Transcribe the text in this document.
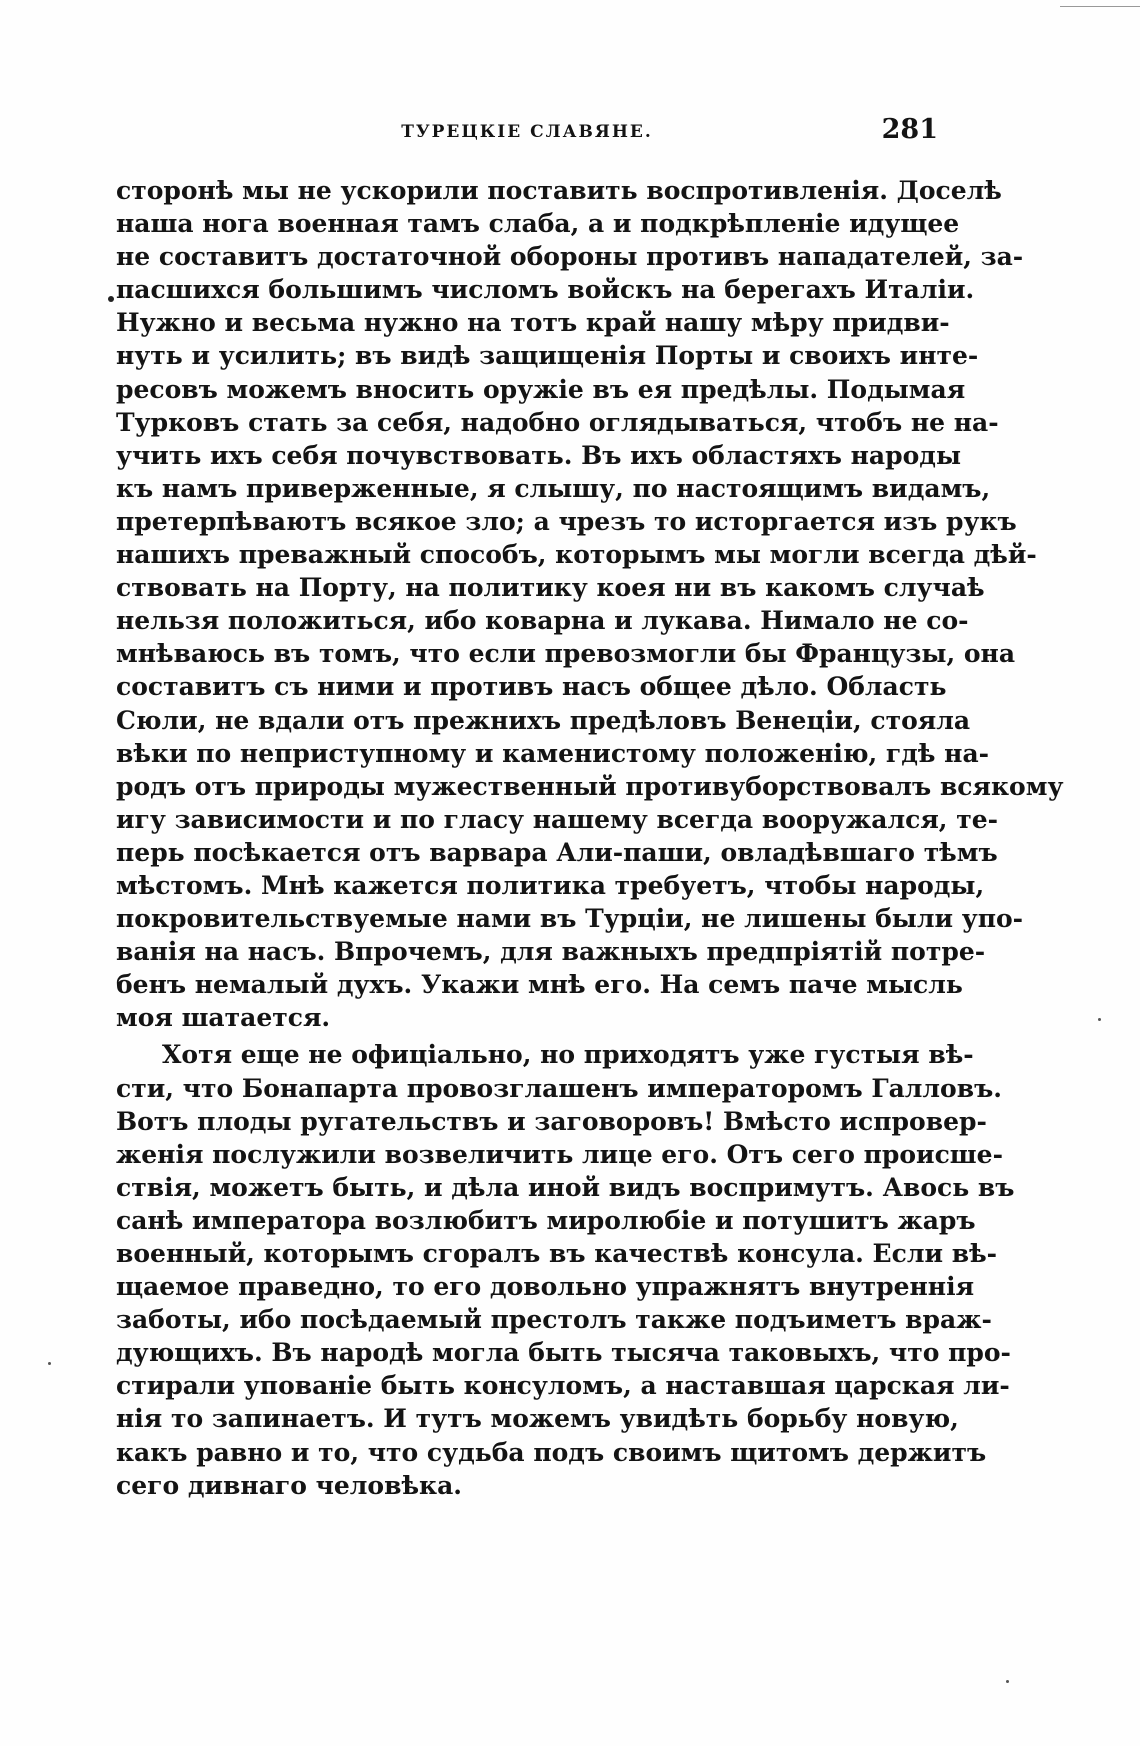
ТУРЕЦКІЕ СЛАВЯНЕ.	281
сторонѣ мы не ускорили поставить воспротивленія. Доселѣ
наша нога военная тамъ слаба, а и подкрѣпленіе идущее
не составитъ достаточной обороны противъ нападателей, за-
пасшихся большимъ числомъ войскъ на берегахъ Италіи.
Нужно и весьма нужно на тотъ край нашу мѣру придви-
нуть и усилить; въ видѣ защищенія Порты и своихъ инте-
ресовъ можемъ вносить оружіе въ ея предѣлы. Подымая
Турковъ стать за себя, надобно оглядываться, чтобъ не на-
учить ихъ себя почувствовать. Въ ихъ областяхъ народы
къ намъ приверженные, я слышу, по настоящимъ видамъ,
претерпѣваютъ всякое зло; а чрезъ то исторгается изъ рукъ
нашихъ преважный способъ, которымъ мы могли всегда дѣй-
ствовать на Порту, на политику коея ни въ какомъ случаѣ
нельзя положиться, ибо коварна и лукава. Нимало не со-
мнѣваюсь въ томъ, что если превозмогли бы Французы, она
составитъ съ ними и противъ насъ общее дѣло. Область
Сюли, не вдали отъ прежнихъ предѣловъ Венеціи, стояла
вѣки по неприступному и каменистому положенію, гдѣ на-
родъ отъ природы мужественный противуборствовалъ всякому
игу зависимости и по гласу нашему всегда вооружался, те-
перь посѣкается отъ варвара Али-паши, овладѣвшаго тѣмъ
мѣстомъ. Мнѣ кажется политика требуетъ, чтобы народы,
покровительствуемые нами въ Турціи, не лишены были упо-
ванія на насъ. Впрочемъ, для важныхъ предпріятій потре-
бенъ немалый духъ. Укажи мнѣ его. На семъ паче мысль
моя шатается.
Хотя еще не офиціально, но приходятъ уже густыя вѣ-
сти, что Бонапарта провозглашенъ императоромъ Галловъ.
Вотъ плоды ругательствъ и заговоровъ! Вмѣсто испровер-
женія послужили возвеличить лице его. Отъ сего происше-
ствія, можетъ быть, и дѣла иной видъ воспримутъ. Авось въ
санѣ императора возлюбитъ миролюбіе и потушитъ жаръ
военный, которымъ сгоралъ въ качествѣ консула. Если вѣ-
щаемое праведно, то его довольно упражнятъ внутреннія
заботы, ибо посѣдаемый престолъ также подъиметъ враж-
дующихъ. Въ народѣ могла быть тысяча таковыхъ, что про-
стирали упованіе быть консуломъ, а наставшая царская ли-
нія то запинаетъ. И тутъ можемъ увидѣть борьбу новую,
какъ равно и то, что судьба подъ своимъ щитомъ держитъ
сего дивнаго человѣка.
